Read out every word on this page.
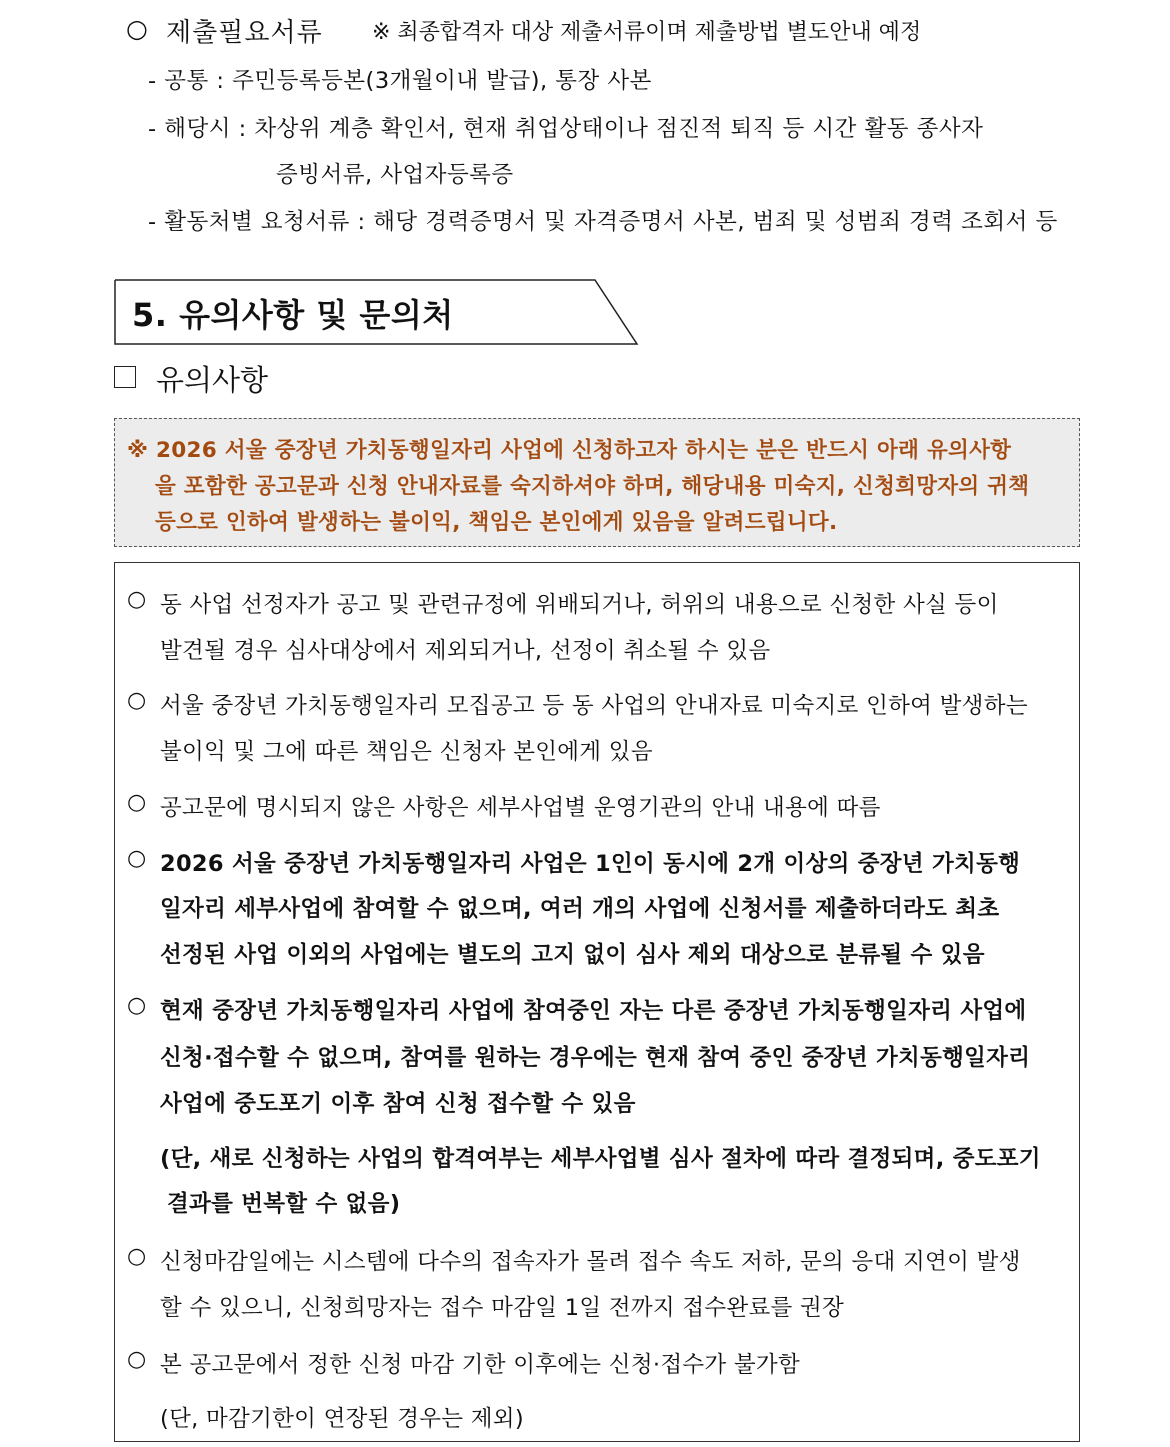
○ 제출필요서류 ※ 최종합격자 대상 제출서류이며 제출방법 별도안내 예정
- 공통 : 주민등록등본(3개월이내 발급), 통장 사본
- 해당시 : 차상위 계층 확인서, 현재 취업상태이나 점진적 퇴직 등 시간 활동 종사자
증빙서류, 사업자등록증
- 활동처별 요청서류 : 해당 경력증명서 및 자격증명서 사본, 범죄 및 성범죄 경력 조회서 등
5. 유의사항 및 문의처
유의사항
※ 2026 서울 중장년 가치동행일자리 사업에 신청하고자 하시는 분은 반드시 아래 유의사항
을 포함한 공고문과 신청 안내자료를 숙지하셔야 하며, 해당내용 미숙지, 신청희망자의 귀책
등으로 인하여 발생하는 불이익, 책임은 본인에게 있음을 알려드립니다.
○ 동 사업 선정자가 공고 및 관련규정에 위배되거나, 허위의 내용으로 신청한 사실 등이
발견될 경우 심사대상에서 제외되거나, 선정이 취소될 수 있음
○ 서울 중장년 가치동행일자리 모집공고 등 동 사업의 안내자료 미숙지로 인하여 발생하는
불이익 및 그에 따른 책임은 신청자 본인에게 있음
○ 공고문에 명시되지 않은 사항은 세부사업별 운영기관의 안내 내용에 따름
○ 2026 서울 중장년 가치동행일자리 사업은 1인이 동시에 2개 이상의 중장년 가치동행
일자리 세부사업에 참여할 수 없으며, 여러 개의 사업에 신청서를 제출하더라도 최초
선정된 사업 이외의 사업에는 별도의 고지 없이 심사 제외 대상으로 분류될 수 있음
○ 현재 중장년 가치동행일자리 사업에 참여중인 자는 다른 중장년 가치동행일자리 사업에
신청·접수할 수 없으며, 참여를 원하는 경우에는 현재 참여 중인 중장년 가치동행일자리
사업에 중도포기 이후 참여 신청 접수할 수 있음
(단, 새로 신청하는 사업의 합격여부는 세부사업별 심사 절차에 따라 결정되며, 중도포기
결과를 번복할 수 없음)
○ 신청마감일에는 시스템에 다수의 접속자가 몰려 접수 속도 저하, 문의 응대 지연이 발생
할 수 있으니, 신청희망자는 접수 마감일 1일 전까지 접수완료를 권장
○ 본 공고문에서 정한 신청 마감 기한 이후에는 신청·접수가 불가함
(단, 마감기한이 연장된 경우는 제외)
